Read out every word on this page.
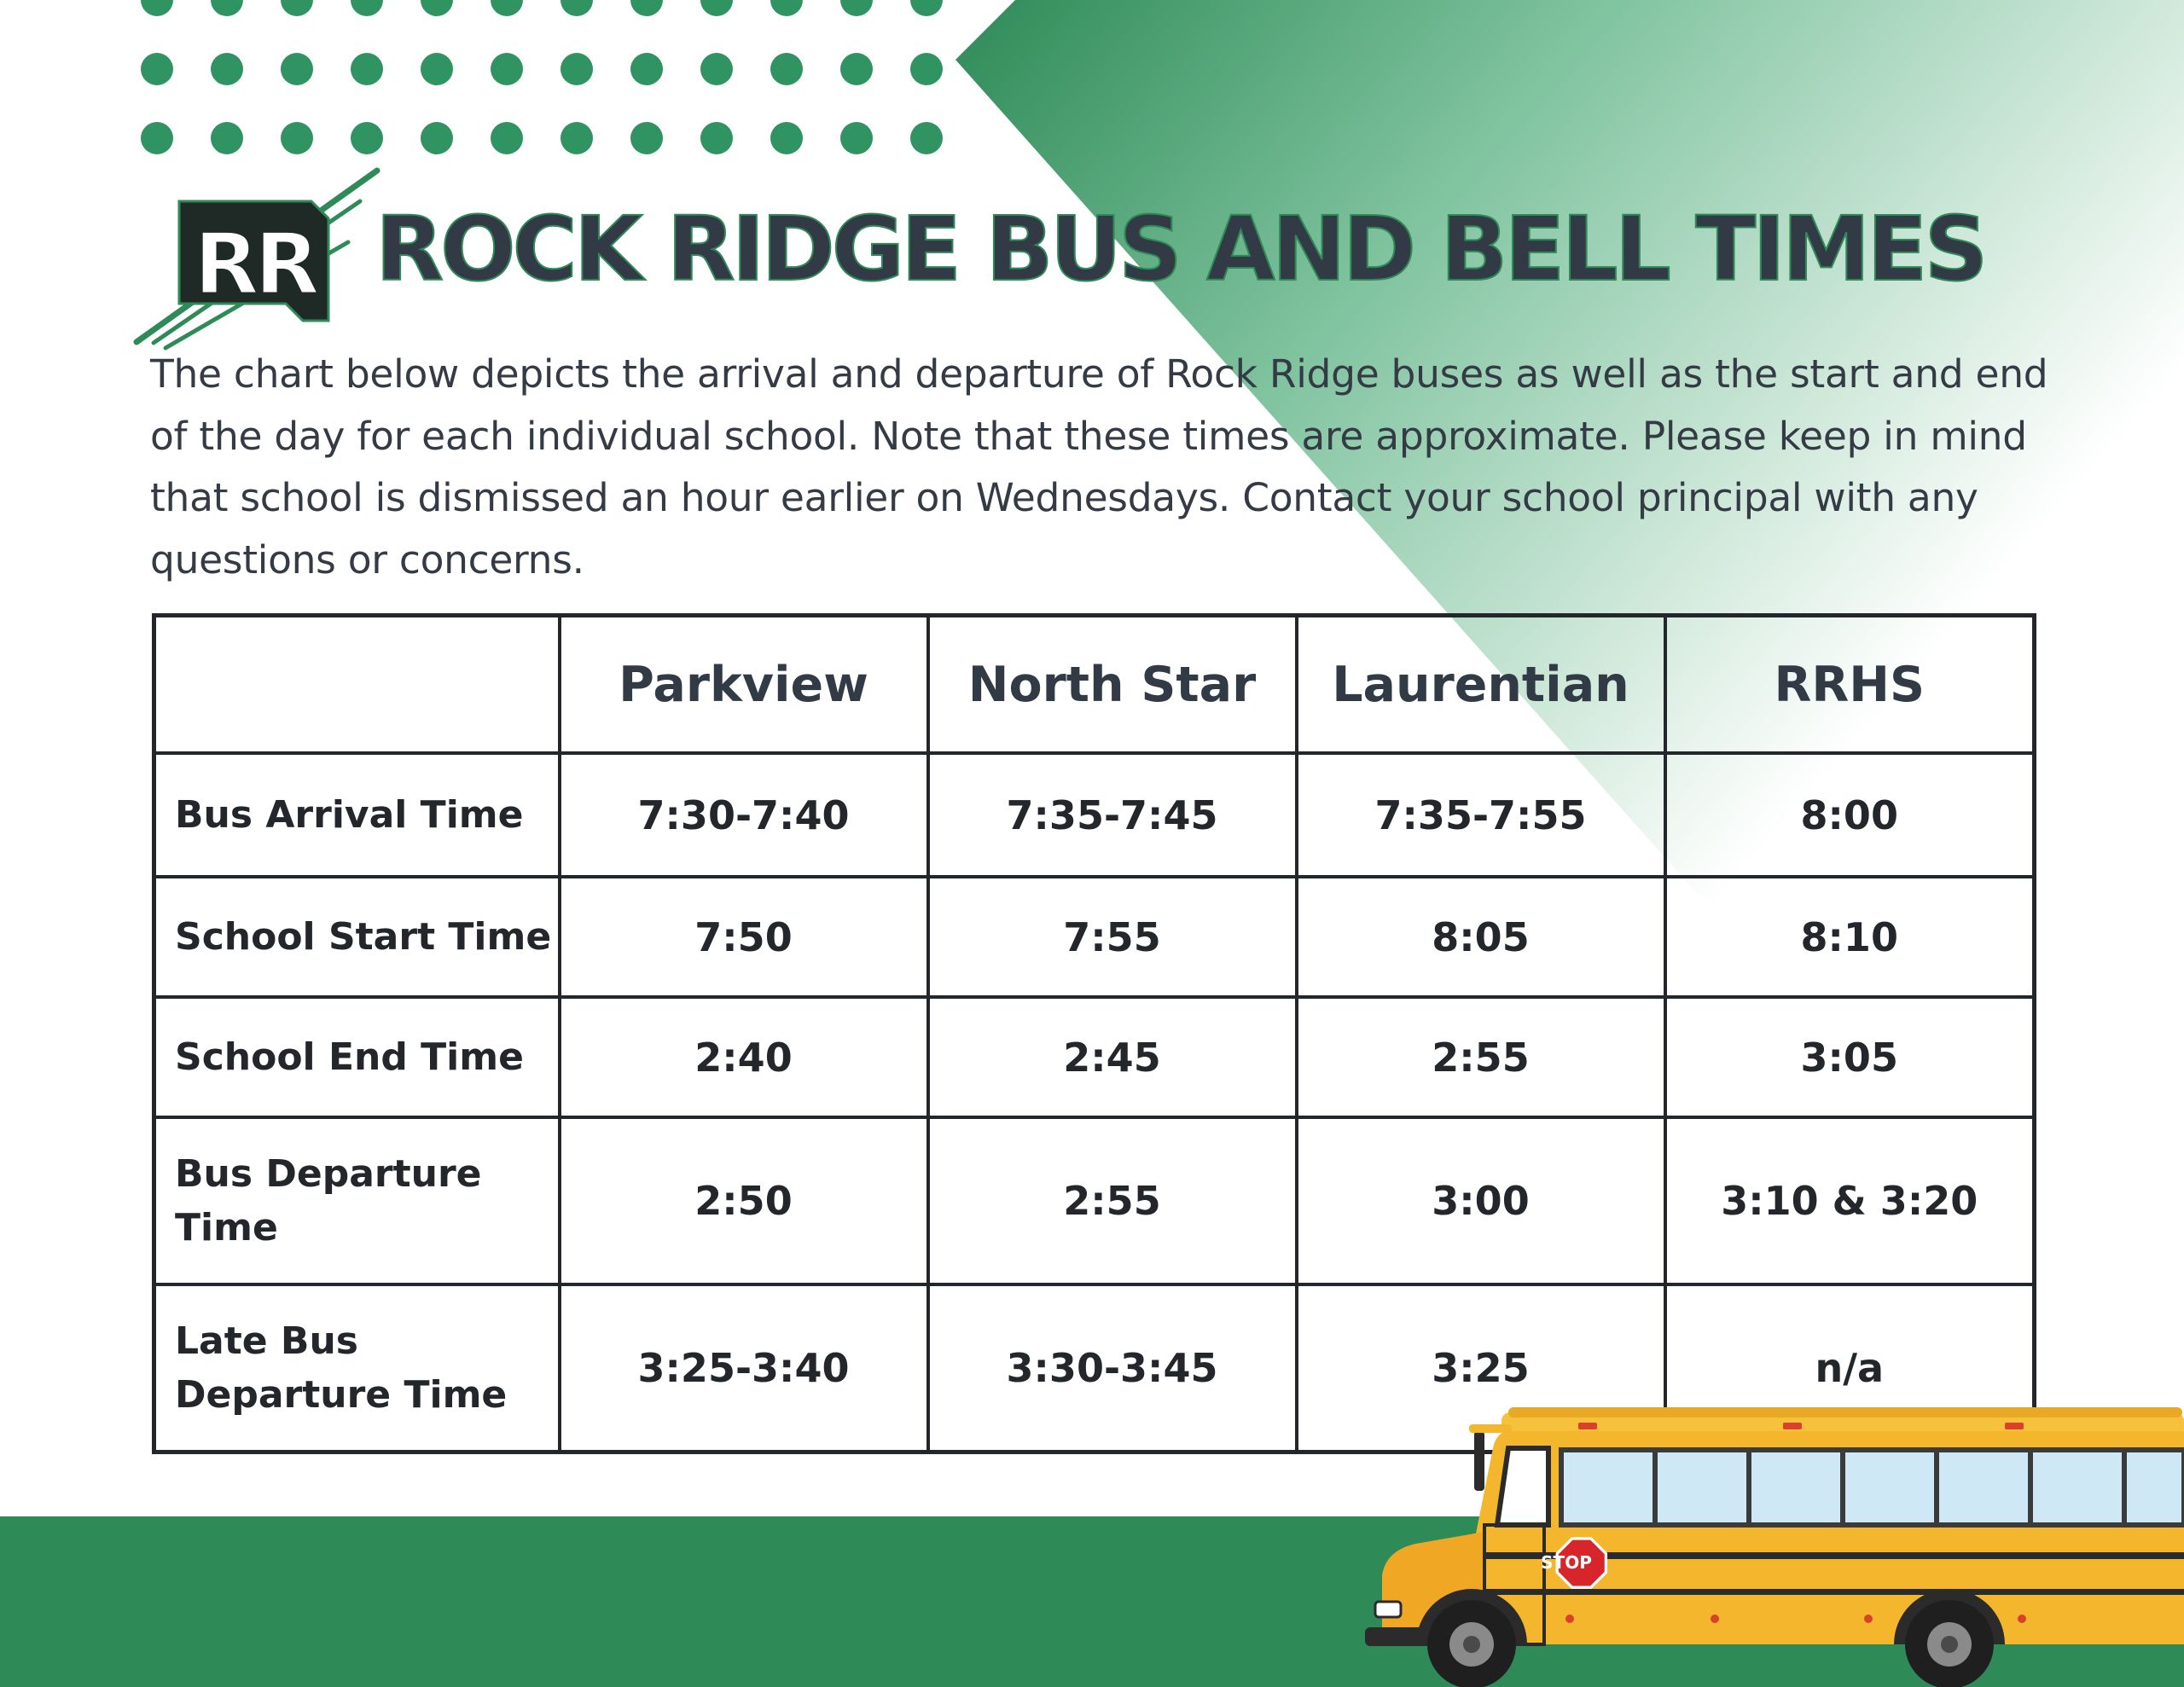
RR ROCK RIDGE BUS AND BELL TIMES

The chart below depicts the arrival and departure of Rock Ridge buses as well as the start and end of the day for each individual school. Note that these times are approximate. Please keep in mind that school is dismissed an hour earlier on Wednesdays. Contact your school principal with any questions or concerns.

	Parkview	North Star	Laurentian	RRHS
Bus Arrival Time	7:30-7:40	7:35-7:45	7:35-7:55	8:00
School Start Time	7:50	7:55	8:05	8:10
School End Time	2:40	2:45	2:55	3:05
Bus Departure Time	2:50	2:55	3:00	3:10 & 3:20
Late Bus Departure Time	3:25-3:40	3:30-3:45	3:25	n/a
STOP
